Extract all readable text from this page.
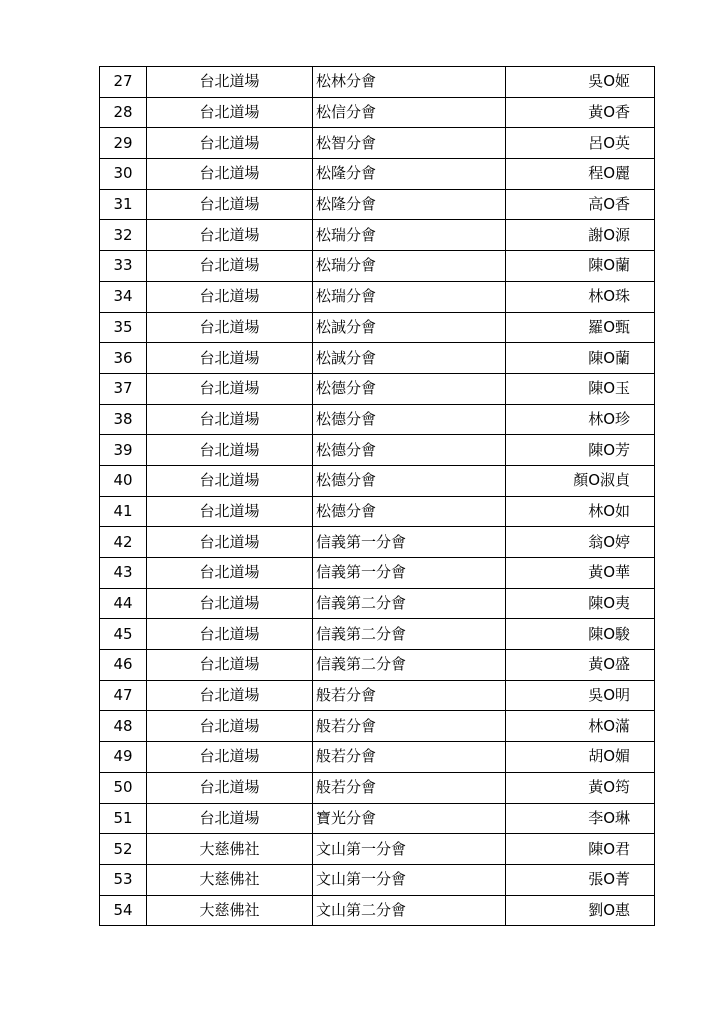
27	台北道場	松林分會	吳O姬
28	台北道場	松信分會	黃O香
29	台北道場	松智分會	呂O英
30	台北道場	松隆分會	程O麗
31	台北道場	松隆分會	高O香
32	台北道場	松瑞分會	謝O源
33	台北道場	松瑞分會	陳O蘭
34	台北道場	松瑞分會	林O珠
35	台北道場	松誠分會	羅O甄
36	台北道場	松誠分會	陳O蘭
37	台北道場	松德分會	陳O玉
38	台北道場	松德分會	林O珍
39	台北道場	松德分會	陳O芳
40	台北道場	松德分會	顏O淑貞
41	台北道場	松德分會	林O如
42	台北道場	信義第一分會	翁O婷
43	台北道場	信義第一分會	黃O華
44	台北道場	信義第二分會	陳O夷
45	台北道場	信義第二分會	陳O駿
46	台北道場	信義第二分會	黃O盛
47	台北道場	般若分會	吳O明
48	台北道場	般若分會	林O滿
49	台北道場	般若分會	胡O媚
50	台北道場	般若分會	黃O筠
51	台北道場	寶光分會	李O琳
52	大慈佛社	文山第一分會	陳O君
53	大慈佛社	文山第一分會	張O菁
54	大慈佛社	文山第二分會	劉O惠
